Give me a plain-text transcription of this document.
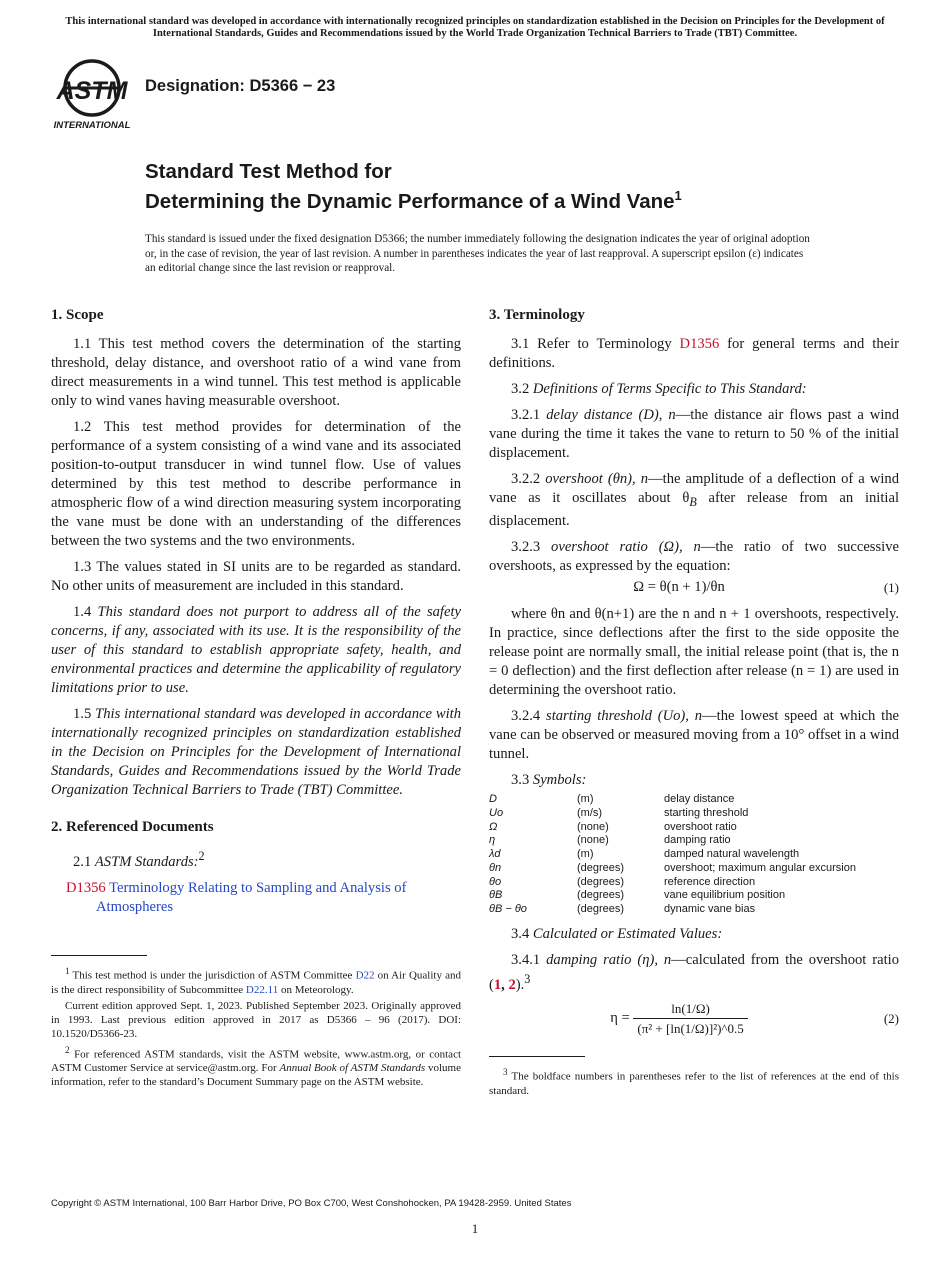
This international standard was developed in accordance with internationally recognized principles on standardization established in the Decision on Principles for the Development of International Standards, Guides and Recommendations issued by the World Trade Organization Technical Barriers to Trade (TBT) Committee.
ASTM
INTERNATIONAL
Designation: D5366 − 23
Standard Test Method for
Determining the Dynamic Performance of a Wind Vane$^1$
This standard is issued under the fixed designation D5366; the number immediately following the designation indicates the year of original adoption or, in the case of revision, the year of last revision. A number in parentheses indicates the year of last reapproval. A superscript epsilon (ε) indicates an editorial change since the last revision or reapproval.
1. Scope

1.1 This test method covers the determination of the starting threshold, delay distance, and overshoot ratio of a wind vane from direct measurements in a wind tunnel. This test method is applicable only to wind vanes having measurable overshoot.

1.2 This test method provides for determination of the performance of a system consisting of a wind vane and its associated position-to-output transducer in wind tunnel flow. Use of values determined by this test method to describe performance in atmospheric flow of a wind direction measuring system incorporating the vane must be done with an understanding of the differences between the two systems and the two environments.

1.3 The values stated in SI units are to be regarded as standard. No other units of measurement are included in this standard.

1.4 This standard does not purport to address all of the safety concerns, if any, associated with its use. It is the responsibility of the user of this standard to establish appropriate safety, health, and environmental practices and determine the applicability of regulatory limitations prior to use.

1.5 This international standard was developed in accordance with internationally recognized principles on standardization established in the Decision on Principles for the Development of International Standards, Guides and Recommendations issued by the World Trade Organization Technical Barriers to Trade (TBT) Committee.

2. Referenced Documents

2.1 ASTM Standards:$^2$

D1356 Terminology Relating to Sampling and Analysis of
Atmospheres
$^1$ This test method is under the jurisdiction of ASTM Committee D22 on Air Quality and is the direct responsibility of Subcommittee D22.11 on Meteorology.
Current edition approved Sept. 1, 2023. Published September 2023. Originally approved in 1993. Last previous edition approved in 2017 as D5366 – 96 (2017). DOI: 10.1520/D5366-23.
$^2$ For referenced ASTM standards, visit the ASTM website, www.astm.org, or contact ASTM Customer Service at service@astm.org. For Annual Book of ASTM Standards volume information, refer to the standard’s Document Summary page on the ASTM website.
3. Terminology

3.1 Refer to Terminology D1356 for general terms and their definitions.

3.2 Definitions of Terms Specific to This Standard:

3.2.1 delay distance (D), n—the distance air flows past a wind vane during the time it takes the vane to return to 50 % of the initial displacement.

3.2.2 overshoot (θn), n—the amplitude of a deflection of a wind vane as it oscillates about $\theta_B$ after release from an initial displacement.

3.2.3 overshoot ratio (Ω), n—the ratio of two successive overshoots, as expressed by the equation:

Ω = θ(n + 1)/θn	(1)

where θn and θ(n+1) are the n and n + 1 overshoots, respectively. In practice, since deflections after the first to the side opposite the release point are normally small, the initial release point (that is, the n = 0 deflection) and the first deflection after release (n = 1) are used in determining the overshoot ratio.

3.2.4 starting threshold (Uo), n—the lowest speed at which the vane can be observed or measured moving from a 10° offset in a wind tunnel.

3.3 Symbols:

D	(m)	delay distance
Uo	(m/s)	starting threshold
Ω	(none)	overshoot ratio
η	(none)	damping ratio
λd	(m)	damped natural wavelength
θn	(degrees)	overshoot; maximum angular excursion
θo	(degrees)	reference direction
θB	(degrees)	vane equilibrium position
θB − θo	(degrees)	dynamic vane bias

3.4 Calculated or Estimated Values:

3.4.1 damping ratio (η), n—calculated from the overshoot ratio (1, 2).$^3$

$\eta = \frac{\ln(1/\Omega)}{\text{(π² + [ln(1/Ω)]²)\textasciicircum{}0.5}}$	(2)
$^3$ The boldface numbers in parentheses refer to the list of references at the end of this standard.
Copyright © ASTM International, 100 Barr Harbor Drive, PO Box C700, West Conshohocken, PA 19428-2959. United States
1
